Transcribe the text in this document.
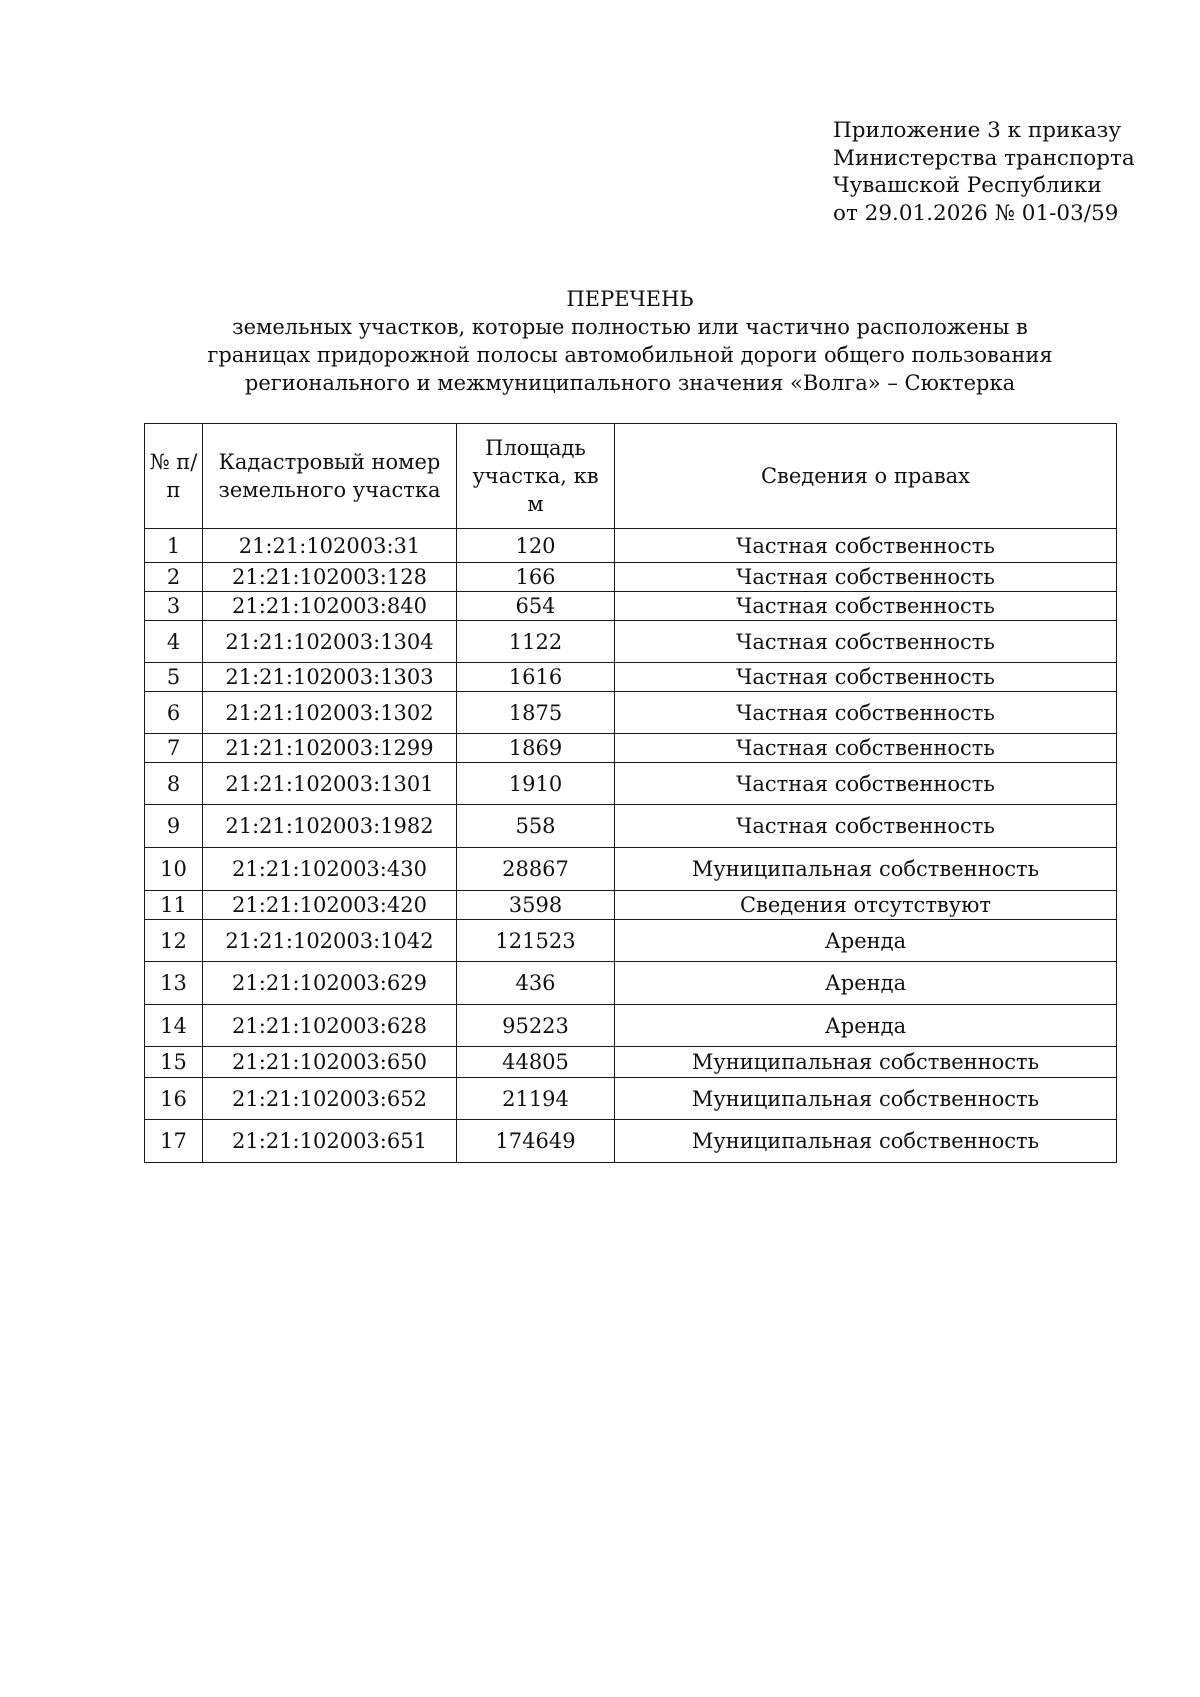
Приложение 3 к приказу
Министерства транспорта
Чувашской Республики
от 29.01.2026 № 01-03/59
ПЕРЕЧЕНЬ
земельных участков, которые полностью или частично расположены в
границах придорожной полосы автомобильной дороги общего пользования
регионального и межмуниципального значения «Волга» – Сюктерка
№ п/п	Кадастровый номер земельного участка	Площадь участка, кв м	Сведения о правах
1	21:21:102003:31	120	Частная собственность
2	21:21:102003:128	166	Частная собственность
3	21:21:102003:840	654	Частная собственность
4	21:21:102003:1304	1122	Частная собственность
5	21:21:102003:1303	1616	Частная собственность
6	21:21:102003:1302	1875	Частная собственность
7	21:21:102003:1299	1869	Частная собственность
8	21:21:102003:1301	1910	Частная собственность
9	21:21:102003:1982	558	Частная собственность
10	21:21:102003:430	28867	Муниципальная собственность
11	21:21:102003:420	3598	Сведения отсутствуют
12	21:21:102003:1042	121523	Аренда
13	21:21:102003:629	436	Аренда
14	21:21:102003:628	95223	Аренда
15	21:21:102003:650	44805	Муниципальная собственность
16	21:21:102003:652	21194	Муниципальная собственность
17	21:21:102003:651	174649	Муниципальная собственность
